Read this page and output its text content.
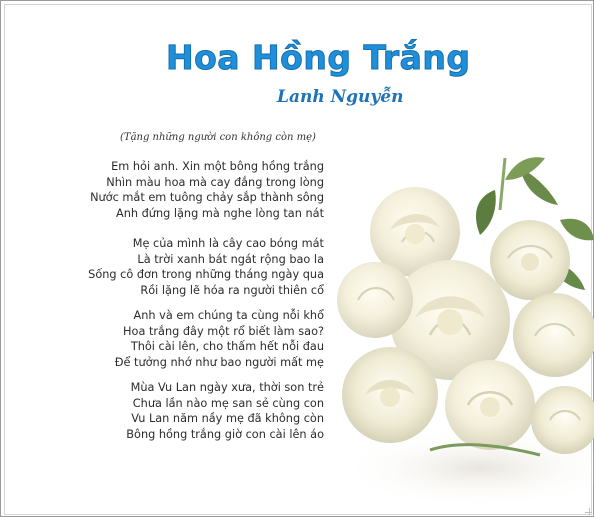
Hoa Hồng Trắng
Lanh Nguyễn
(Tặng những người con không còn mẹ)
Em hỏi anh. Xin một bông hồng trắng
Nhìn màu hoa mà cay đắng trong lòng
Nước mắt em tuông chảy sắp thành sông
Anh đứng lặng mà nghe lòng tan nát
Mẹ của mình là cây cao bóng mát
Là trời xanh bát ngát rộng bao la
Sống cô đơn trong những tháng ngày qua
Rồi lặng lẽ hóa ra người thiên cổ
Anh và em chúng ta cùng nỗi khổ
Hoa trắng đây một rổ biết làm sao?
Thôi cài lên, cho thấm hết nỗi đau
Để tưởng nhớ như bao người mất mẹ
Mùa Vu Lan ngày xưa, thời son trẻ
Chưa lần nào mẹ san sẻ cùng con
Vu Lan năm nầy mẹ đã không còn
Bông hồng trắng giờ con cài lên áo
